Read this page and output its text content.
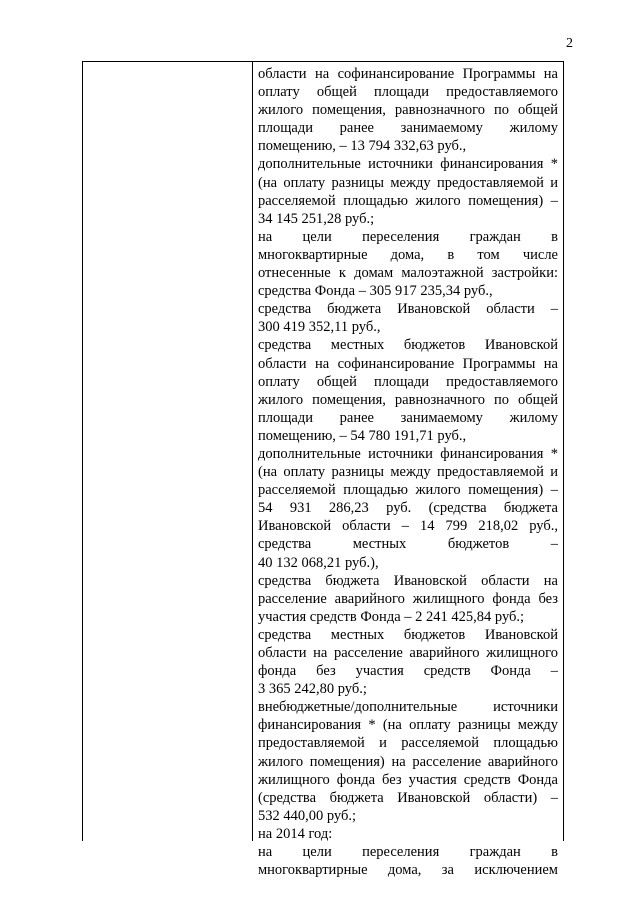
2
области на софинансирование Программы на
оплату общей площади предоставляемого
жилого помещения, равнозначного по общей
площади ранее занимаемому жилому
помещению, – 13 794 332,63 руб.,
дополнительные источники финансирования *
(на оплату разницы между предоставляемой и
расселяемой площадью жилого помещения) –
34 145 251,28 руб.;
на цели переселения граждан в
многоквартирные дома, в том числе
отнесенные к домам малоэтажной застройки:
средства Фонда – 305 917 235,34 руб.,
средства бюджета Ивановской области –
300 419 352,11 руб.,
средства местных бюджетов Ивановской
области на софинансирование Программы на
оплату общей площади предоставляемого
жилого помещения, равнозначного по общей
площади ранее занимаемому жилому
помещению, – 54 780 191,71 руб.,
дополнительные источники финансирования *
(на оплату разницы между предоставляемой и
расселяемой площадью жилого помещения) –
54 931 286,23 руб. (средства бюджета
Ивановской области – 14 799 218,02 руб.,
средства местных бюджетов –
40 132 068,21 руб.),
средства бюджета Ивановской области на
расселение аварийного жилищного фонда без
участия средств Фонда – 2 241 425,84 руб.;
средства местных бюджетов Ивановской
области на расселение аварийного жилищного
фонда без участия средств Фонда –
3 365 242,80 руб.;
внебюджетные/дополнительные источники
финансирования * (на оплату разницы между
предоставляемой и расселяемой площадью
жилого помещения) на расселение аварийного
жилищного фонда без участия средств Фонда
(средства бюджета Ивановской области) –
532 440,00 руб.;
на 2014 год:
на цели переселения граждан в
многоквартирные дома, за исключением
